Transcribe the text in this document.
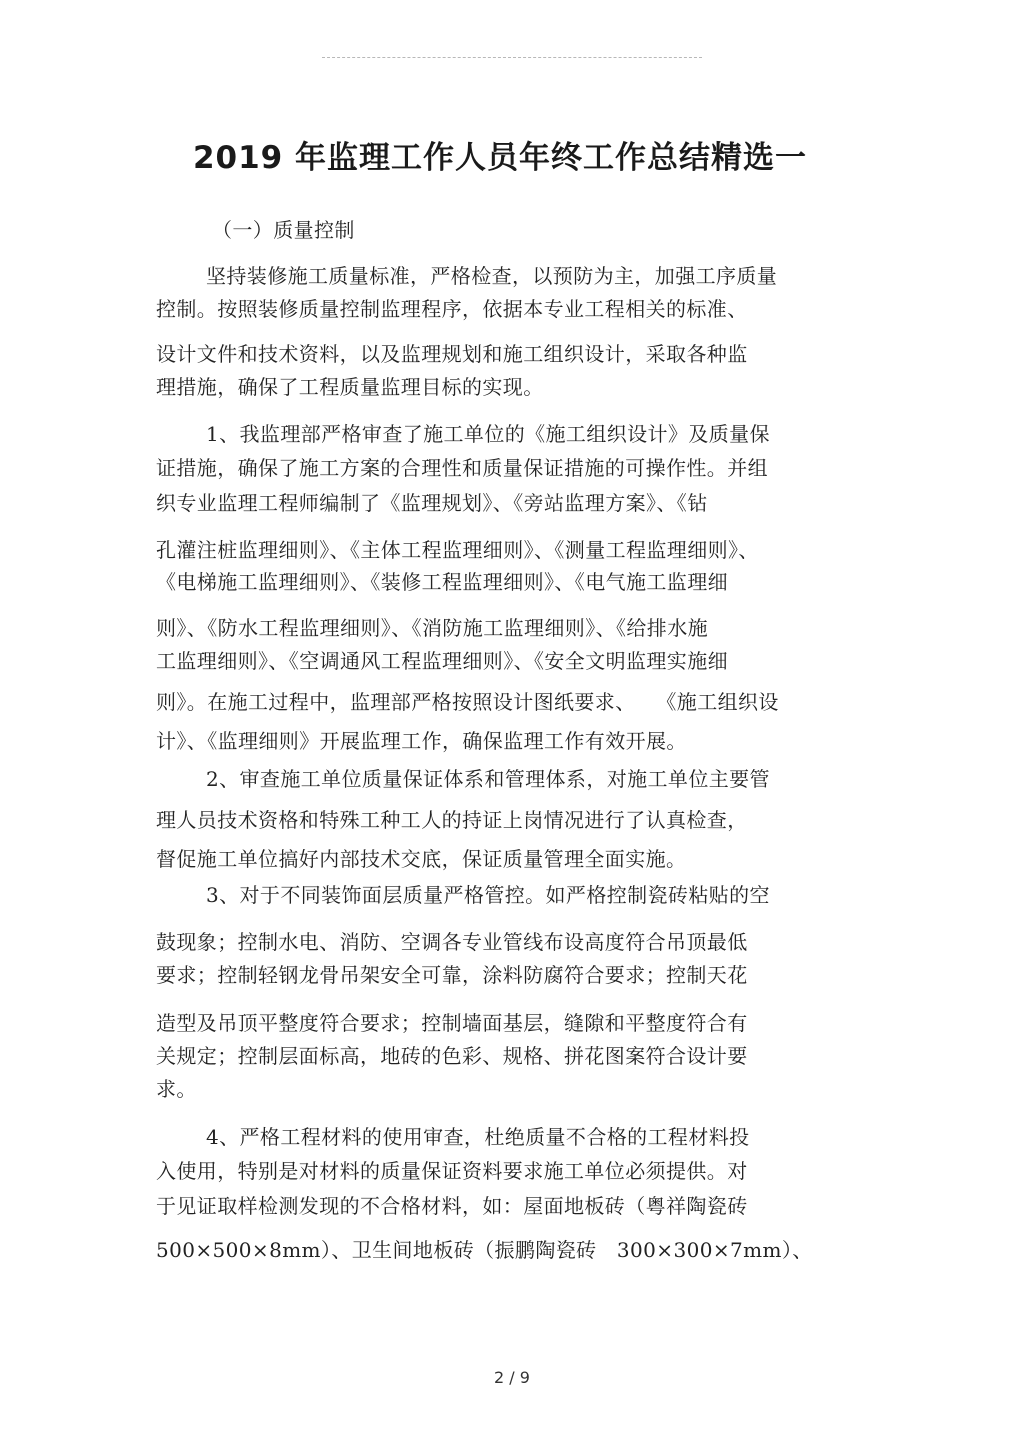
2019 年监理工作人员年终工作总结精选一

（一）质量控制

坚持装修施工质量标准，严格检查，以预防为主，加强工序质量

控制。按照装修质量控制监理程序，依据本专业工程相关的标准、

设计文件和技术资料，以及监理规划和施工组织设计，采取各种监

理措施，确保了工程质量监理目标的实现。

1、我监理部严格审查了施工单位的《施工组织设计》及质量保

证措施，确保了施工方案的合理性和质量保证措施的可操作性。并组

织专业监理工程师编制了《监理规划》、《旁站监理方案》、《钻

孔灌注桩监理细则》、《主体工程监理细则》、《测量工程监理细则》、

《电梯施工监理细则》、《装修工程监理细则》、《电气施工监理细

则》、《防水工程监理细则》、《消防施工监理细则》、《给排水施

工监理细则》、《空调通风工程监理细则》、《安全文明监理实施细

则》。在施工过程中，监理部严格按照设计图纸要求、　　《施工组织设

计》、《监理细则》开展监理工作，确保监理工作有效开展。

2、审查施工单位质量保证体系和管理体系，对施工单位主要管

理人员技术资格和特殊工种工人的持证上岗情况进行了认真检查，

督促施工单位搞好内部技术交底，保证质量管理全面实施。

3、对于不同装饰面层质量严格管控。如严格控制瓷砖粘贴的空

鼓现象；控制水电、消防、空调各专业管线布设高度符合吊顶最低

要求；控制轻钢龙骨吊架安全可靠，涂料防腐符合要求；控制天花

造型及吊顶平整度符合要求；控制墙面基层，缝隙和平整度符合有

关规定；控制层面标高，地砖的色彩、规格、拼花图案符合设计要

求。

4、严格工程材料的使用审查，杜绝质量不合格的工程材料投

入使用，特别是对材料的质量保证资料要求施工单位必须提供。对

于见证取样检测发现的不合格材料，如：屋面地板砖（粤祥陶瓷砖

500×500×8mm）、卫生间地板砖（振鹏陶瓷砖　300×300×7mm）、

2 / 9
